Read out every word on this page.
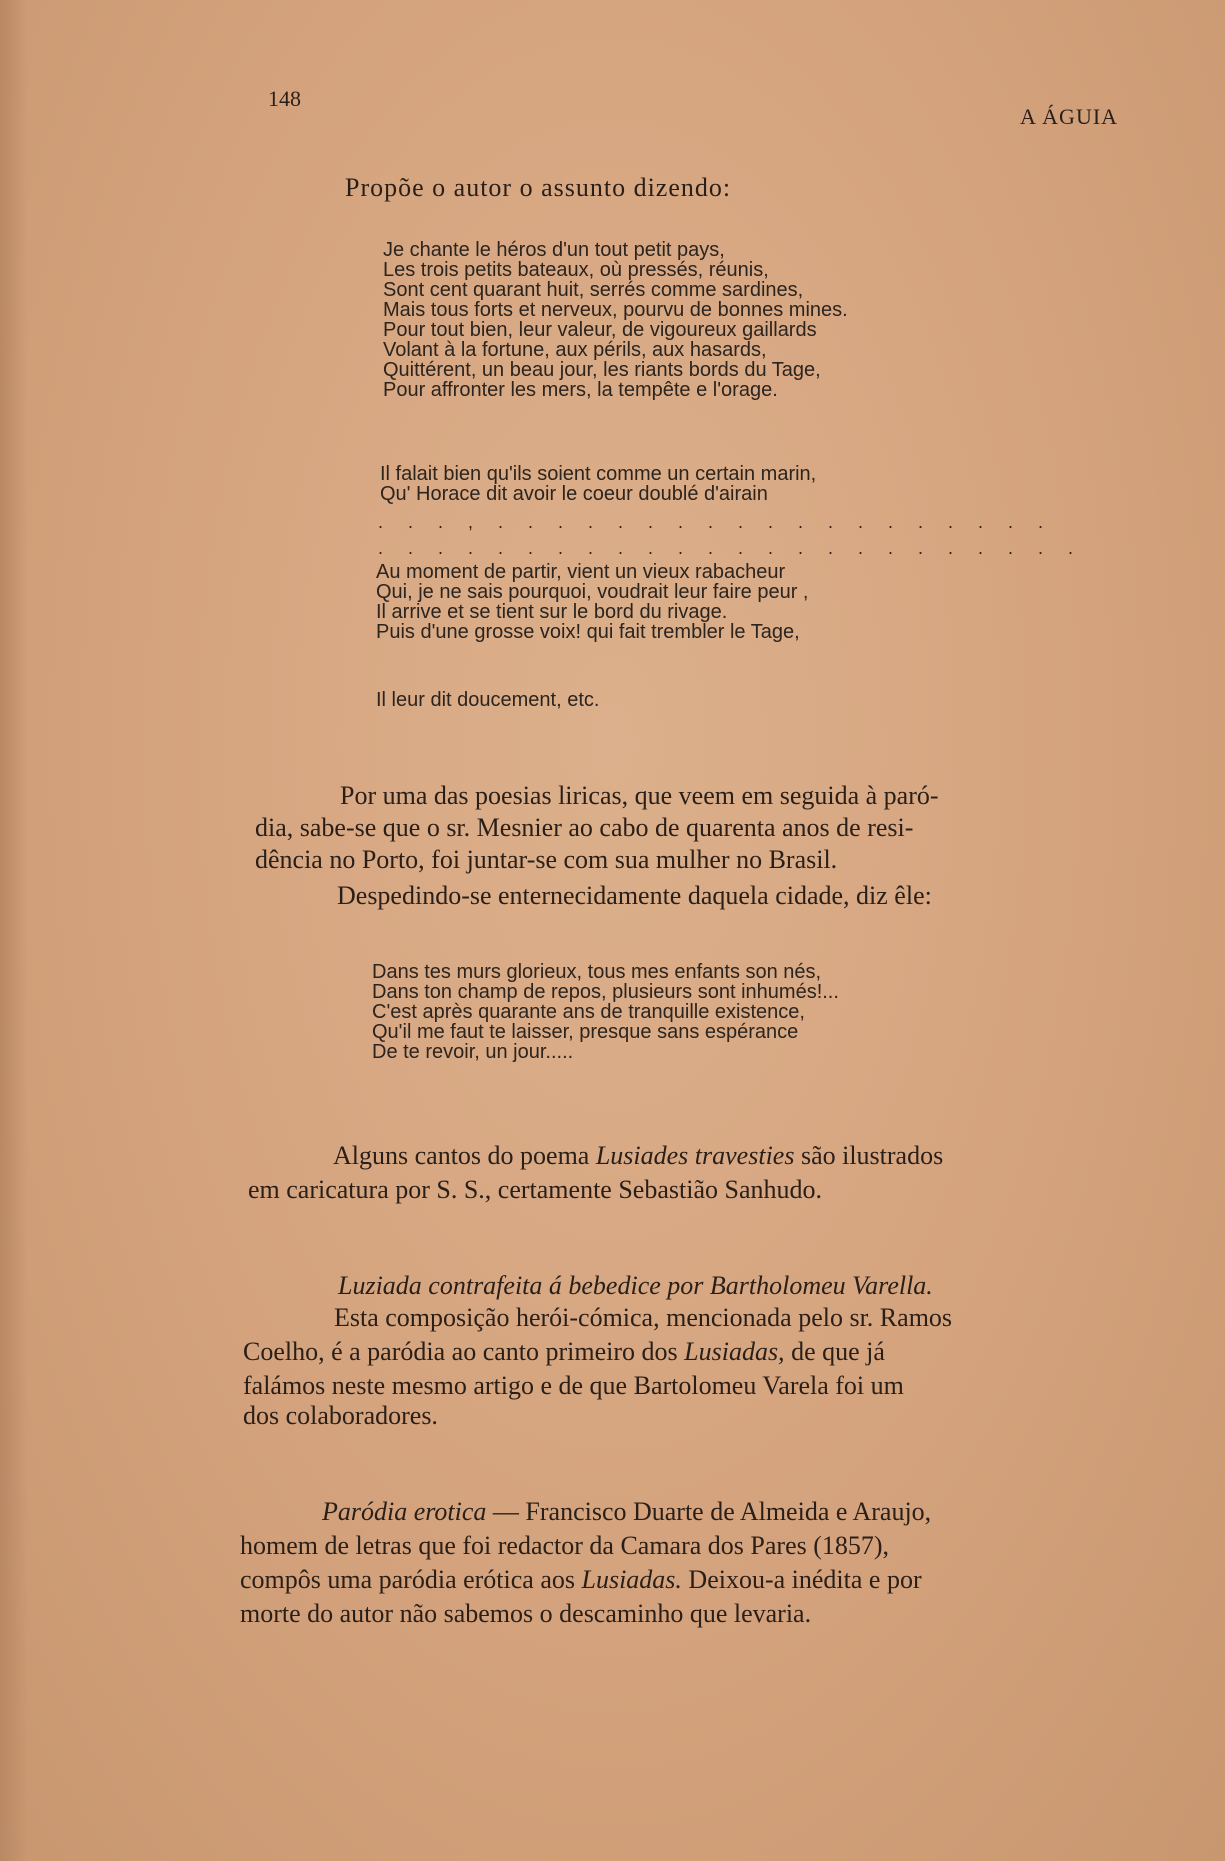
148
A ÁGUIA
Propõe o autor o assunto dizendo:
Je chante le héros d'un tout petit pays,
Les trois petits bateaux, où pressés, réunis,
Sont cent quarant huit, serrés comme sardines,
Mais tous forts et nerveux, pourvu de bonnes mines.
Pour tout bien, leur valeur, de vigoureux gaillards
Volant à la fortune, aux périls, aux hasards,
Quittérent, un beau jour, les riants bords du Tage,
Pour affronter les mers, la tempête e l'orage.
Il falait bien qu'ils soient comme un certain marin,
Qu' Horace dit avoir le coeur doublé d'airain
. . . , . . . . . . . . . . . . . . . . . . .
. . . . . . . . . . . . . . . . . . . . . . . .
Au moment de partir, vient un vieux rabacheur
Qui, je ne sais pourquoi, voudrait leur faire peur ,
Il arrive et se tient sur le bord du rivage.
Puis d'une grosse voix! qui fait trembler le Tage,
Il leur dit doucement, etc.
Por uma das poesias liricas, que veem em seguida à paró-
dia, sabe-se que o sr. Mesnier ao cabo de quarenta anos de resi-
dência no Porto, foi juntar-se com sua mulher no Brasil.
Despedindo-se enternecidamente daquela cidade, diz êle:
Dans tes murs glorieux, tous mes enfants son nés,
Dans ton champ de repos, plusieurs sont inhumés!...
C'est après quarante ans de tranquille existence,
Qu'il me faut te laisser, presque sans espérance
De te revoir, un jour.....
Alguns cantos do poema Lusiades travesties são ilustrados
em caricatura por S. S., certamente Sebastião Sanhudo.
Luziada contrafeita á bebedice por Bartholomeu Varella.
Esta composição herói-cómica, mencionada pelo sr. Ramos
Coelho, é a paródia ao canto primeiro dos Lusiadas, de que já
falámos neste mesmo artigo e de que Bartolomeu Varela foi um
dos colaboradores.
Paródia erotica — Francisco Duarte de Almeida e Araujo,
homem de letras que foi redactor da Camara dos Pares (1857),
compôs uma paródia erótica aos Lusiadas. Deixou-a inédita e por
morte do autor não sabemos o descaminho que levaria.
